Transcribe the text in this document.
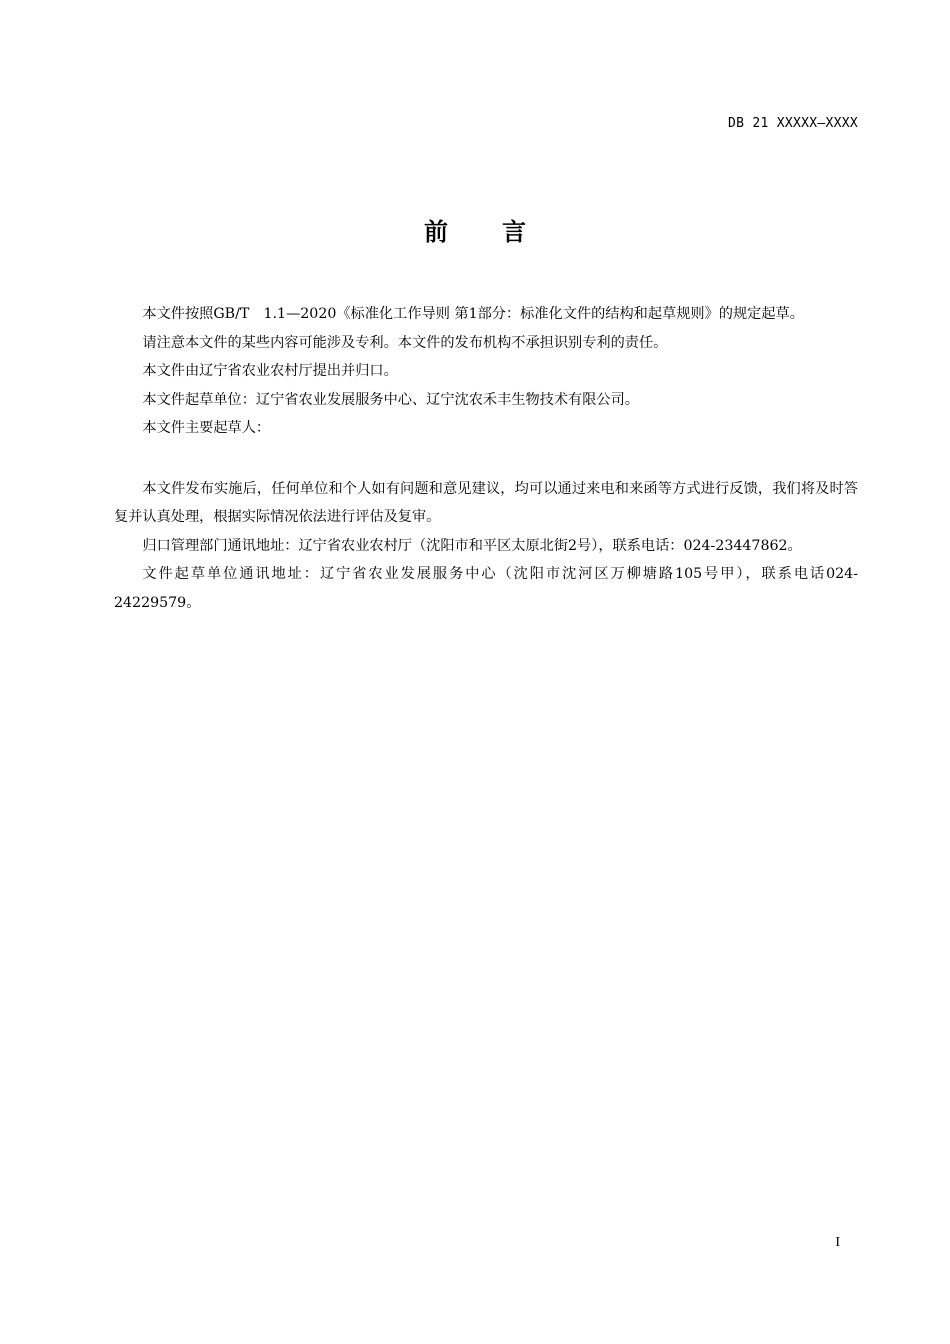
DB 21 XXXXX—XXXX
前言

本文件按照GB/T　1.1—2020《标准化工作导则 第1部分：标准化文件的结构和起草规则》的规定起草。

请注意本文件的某些内容可能涉及专利。本文件的发布机构不承担识别专利的责任。

本文件由辽宁省农业农村厅提出并归口。

本文件起草单位：辽宁省农业发展服务中心、辽宁沈农禾丰生物技术有限公司。

本文件主要起草人：

本文件发布实施后，任何单位和个人如有问题和意见建议，均可以通过来电和来函等方式进行反馈，我们将及时答复并认真处理，根据实际情况依法进行评估及复审。

归口管理部门通讯地址：辽宁省农业农村厅（沈阳市和平区太原北街2号），联系电话：024-23447862。

文件起草单位通讯地址：辽宁省农业发展服务中心（沈阳市沈河区万柳塘路105号甲），联系电话024-24229579。

I
